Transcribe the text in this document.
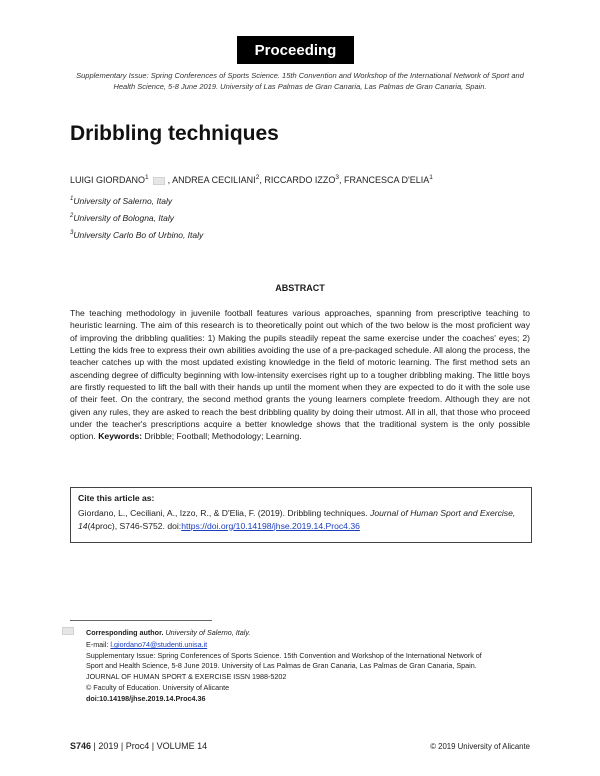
Proceeding
Supplementary Issue: Spring Conferences of Sports Science. 15th Convention and Workshop of the International Network of Sport and Health Science, 5-8 June 2019. University of Las Palmas de Gran Canaria, Las Palmas de Gran Canaria, Spain.
Dribbling techniques
LUIGI GIORDANO$^1$ , ANDREA CECILIANI$^2$, RICCARDO IZZO$^3$, FRANCESCA D'ELIA$^1$
$^1$University of Salerno, Italy
$^2$University of Bologna, Italy
$^3$University Carlo Bo of Urbino, Italy
ABSTRACT

The teaching methodology in juvenile football features various approaches, spanning from prescriptive teaching to heuristic learning. The aim of this research is to theoretically point out which of the two below is the most proficient way of improving the dribbling qualities: 1) Making the pupils steadily repeat the same exercise under the coaches' eyes; 2) Letting the kids free to express their own abilities avoiding the use of a pre-packaged schedule. All along the process, the teacher catches up with the most updated existing knowledge in the field of motoric learning. The first method sets an ascending degree of difficulty beginning with low-intensity exercises right up to a tougher dribbling making. The little boys are firstly requested to lift the ball with their hands up until the moment when they are expected to do it with the sole use of their feet. On the contrary, the second method grants the young learners complete freedom. Although they are not given any rules, they are asked to reach the best dribbling quality by doing their utmost. All in all, that those who proceed under the teacher's prescriptions acquire a better knowledge shows that the traditional system is the only possible option. Keywords: Dribble; Football; Methodology; Learning.

Cite this article as:
Giordano, L., Ceciliani, A., Izzo, R., & D'Elia, F. (2019). Dribbling techniques. Journal of Human Sport and Exercise, 14(4proc), S746-S752. doi:https://doi.org/10.14198/jhse.2019.14.Proc4.36
Corresponding author. University of Salerno, Italy.
E-mail: l.giordano74@studenti.unisa.it
Supplementary Issue: Spring Conferences of Sports Science. 15th Convention and Workshop of the International Network of
Sport and Health Science, 5-8 June 2019. University of Las Palmas de Gran Canaria, Las Palmas de Gran Canaria, Spain.
JOURNAL OF HUMAN SPORT & EXERCISE ISSN 1988-5202
© Faculty of Education. University of Alicante
doi:10.14198/jhse.2019.14.Proc4.36
S746 | 2019 | Proc4 | VOLUME 14	© 2019 University of Alicante
